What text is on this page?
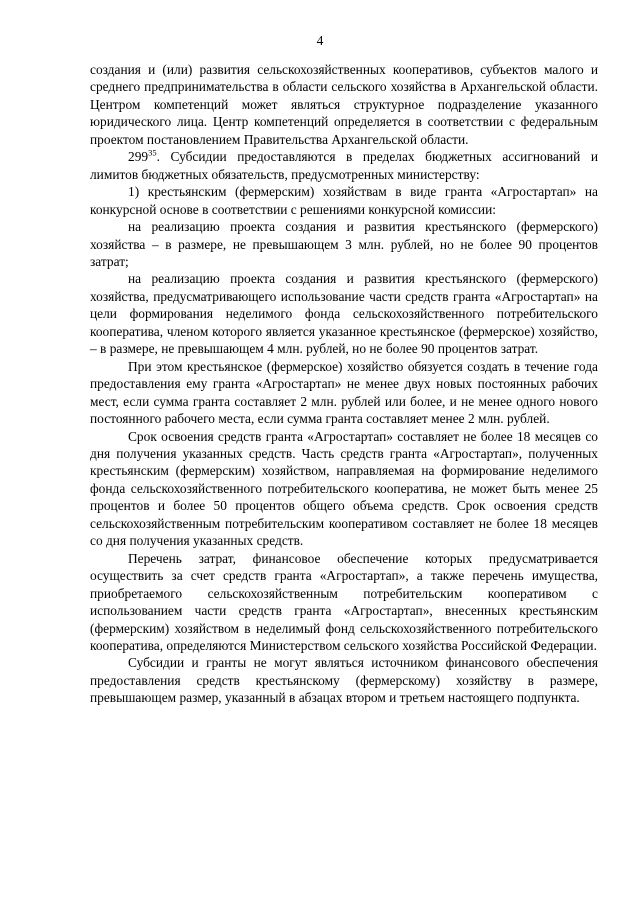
4

создания и (или) развития сельскохозяйственных кооперативов, субъектов малого и среднего предпринимательства в области сельского хозяйства в Архангельской области. Центром компетенций может являться структурное подразделение указанного юридического лица. Центр компетенций определяется в соответствии с федеральным проектом постановлением Правительства Архангельской области.

$299^{35}$. Субсидии предоставляются в пределах бюджетных ассигнований и лимитов бюджетных обязательств, предусмотренных министерству:

1) крестьянским (фермерским) хозяйствам в виде гранта «Агростартап» на конкурсной основе в соответствии с решениями конкурсной комиссии:

на реализацию проекта создания и развития крестьянского (фермерского) хозяйства – в размере, не превышающем 3 млн. рублей, но не более 90 процентов затрат;

на реализацию проекта создания и развития крестьянского (фермерского) хозяйства, предусматривающего использование части средств гранта «Агростартап» на цели формирования неделимого фонда сельскохозяйственного потребительского кооператива, членом которого является указанное крестьянское (фермерское) хозяйство, – в размере, не превышающем 4 млн. рублей, но не более 90 процентов затрат.

При этом крестьянское (фермерское) хозяйство обязуется создать в течение года предоставления ему гранта «Агростартап» не менее двух новых постоянных рабочих мест, если сумма гранта составляет 2 млн. рублей или более, и не менее одного нового постоянного рабочего места, если сумма гранта составляет менее 2 млн. рублей.

Срок освоения средств гранта «Агростартап» составляет не более 18 месяцев со дня получения указанных средств. Часть средств гранта «Агростартап», полученных крестьянским (фермерским) хозяйством, направляемая на формирование неделимого фонда сельскохозяйственного потребительского кооператива, не может быть менее 25 процентов и более 50 процентов общего объема средств. Срок освоения средств сельскохозяйственным потребительским кооперативом составляет не более 18 месяцев со дня получения указанных средств.

Перечень затрат, финансовое обеспечение которых предусматривается осуществить за счет средств гранта «Агростартап», а также перечень имущества, приобретаемого сельскохозяйственным потребительским кооперативом с использованием части средств гранта «Агростартап», внесенных крестьянским (фермерским) хозяйством в неделимый фонд сельскохозяйственного потребительского кооператива, определяются Министерством сельского хозяйства Российской Федерации.

Субсидии и гранты не могут являться источником финансового обеспечения предоставления средств крестьянскому (фермерскому) хозяйству в размере, превышающем размер, указанный в абзацах втором и третьем настоящего подпункта.
